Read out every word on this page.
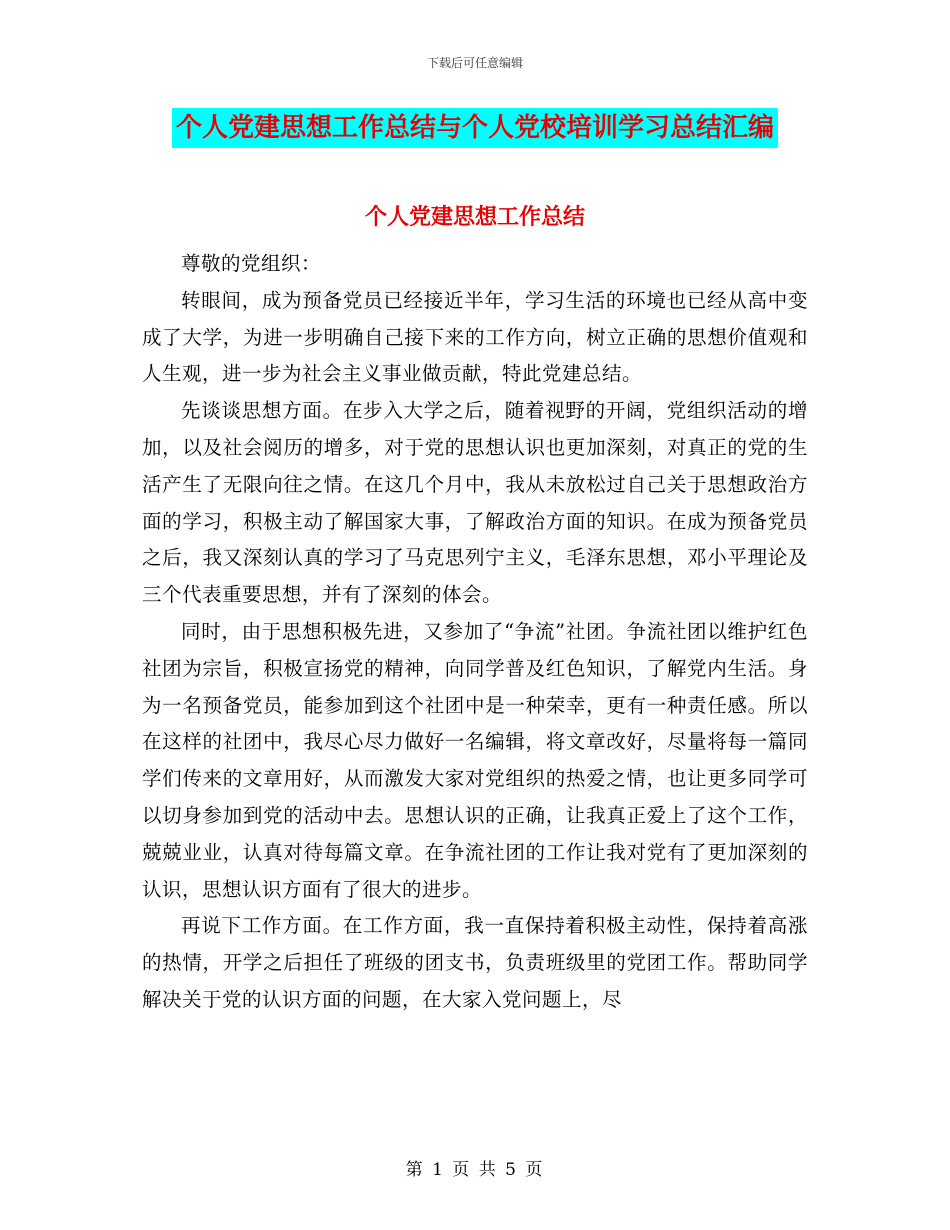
下载后可任意编辑
个人党建思想工作总结与个人党校培训学习总结汇编
个人党建思想工作总结

尊敬的党组织：

转眼间，成为预备党员已经接近半年，学习生活的环境也已经从高中变成了大学，为进一步明确自己接下来的工作方向，树立正确的思想价值观和人生观，进一步为社会主义事业做贡献，特此党建总结。

先谈谈思想方面。在步入大学之后，随着视野的开阔，党组织活动的增加，以及社会阅历的增多，对于党的思想认识也更加深刻，对真正的党的生活产生了无限向往之情。在这几个月中，我从未放松过自己关于思想政治方面的学习，积极主动了解国家大事，了解政治方面的知识。在成为预备党员之后，我又深刻认真的学习了马克思列宁主义，毛泽东思想，邓小平理论及三个代表重要思想，并有了深刻的体会。

同时，由于思想积极先进，又参加了“争流”社团。争流社团以维护红色社团为宗旨，积极宣扬党的精神，向同学普及红色知识，了解党内生活。身为一名预备党员，能参加到这个社团中是一种荣幸，更有一种责任感。所以在这样的社团中，我尽心尽力做好一名编辑，将文章改好，尽量将每一篇同学们传来的文章用好，从而激发大家对党组织的热爱之情，也让更多同学可以切身参加到党的活动中去。思想认识的正确，让我真正爱上了这个工作，兢兢业业，认真对待每篇文章。在争流社团的工作让我对党有了更加深刻的认识，思想认识方面有了很大的进步。

再说下工作方面。在工作方面，我一直保持着积极主动性，保持着高涨的热情，开学之后担任了班级的团支书，负责班级里的党团工作。帮助同学解决关于党的认识方面的问题，在大家入党问题上，尽

第 1 页 共 5 页
